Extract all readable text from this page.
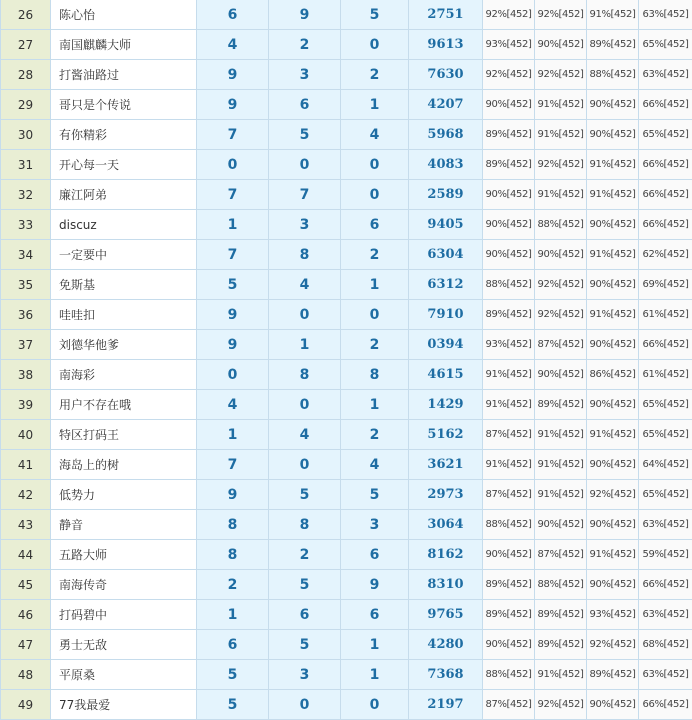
26	陈心怡	6	9	5	2751	92%[452]	92%[452]	91%[452]	63%[452]
27	南国麒麟大师	4	2	0	9613	93%[452]	90%[452]	89%[452]	65%[452]
28	打酱油路过	9	3	2	7630	92%[452]	92%[452]	88%[452]	63%[452]
29	哥只是个传说	9	6	1	4207	90%[452]	91%[452]	90%[452]	66%[452]
30	有你精彩	7	5	4	5968	89%[452]	91%[452]	90%[452]	65%[452]
31	开心每一天	0	0	0	4083	89%[452]	92%[452]	91%[452]	66%[452]
32	廉江阿弟	7	7	0	2589	90%[452]	91%[452]	91%[452]	66%[452]
33	discuz	1	3	6	9405	90%[452]	88%[452]	90%[452]	66%[452]
34	一定要中	7	8	2	6304	90%[452]	90%[452]	91%[452]	62%[452]
35	免斯基	5	4	1	6312	88%[452]	92%[452]	90%[452]	69%[452]
36	哇哇扣	9	0	0	7910	89%[452]	92%[452]	91%[452]	61%[452]
37	刘德华他爹	9	1	2	0394	93%[452]	87%[452]	90%[452]	66%[452]
38	南海彩	0	8	8	4615	91%[452]	90%[452]	86%[452]	61%[452]
39	用户不存在哦	4	0	1	1429	91%[452]	89%[452]	90%[452]	65%[452]
40	特区打码王	1	4	2	5162	87%[452]	91%[452]	91%[452]	65%[452]
41	海岛上的树	7	0	4	3621	91%[452]	91%[452]	90%[452]	64%[452]
42	低势力	9	5	5	2973	87%[452]	91%[452]	92%[452]	65%[452]
43	静音	8	8	3	3064	88%[452]	90%[452]	90%[452]	63%[452]
44	五路大师	8	2	6	8162	90%[452]	87%[452]	91%[452]	59%[452]
45	南海传奇	2	5	9	8310	89%[452]	88%[452]	90%[452]	66%[452]
46	打码碧中	1	6	6	9765	89%[452]	89%[452]	93%[452]	63%[452]
47	勇士无敌	6	5	1	4280	90%[452]	89%[452]	92%[452]	68%[452]
48	平原桑	5	3	1	7368	88%[452]	91%[452]	89%[452]	63%[452]
49	77我最爱	5	0	0	2197	87%[452]	92%[452]	90%[452]	66%[452]
